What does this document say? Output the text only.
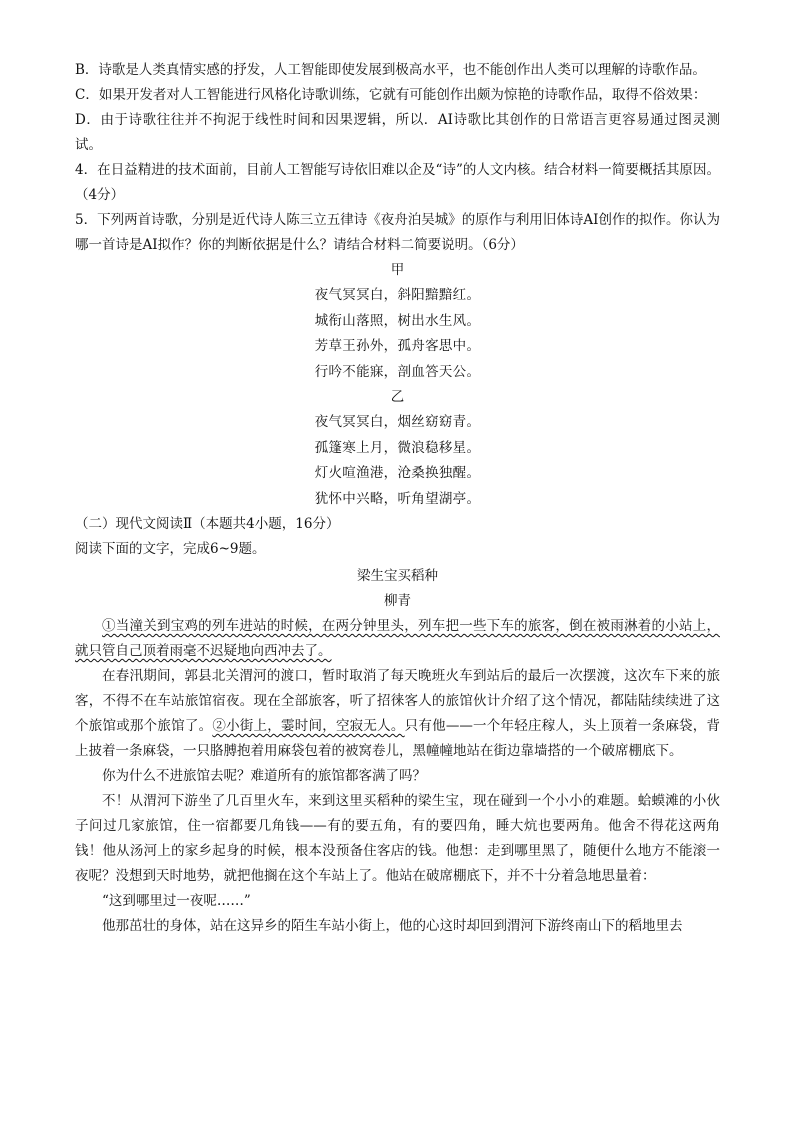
B．诗歌是人类真情实感的抒发，人工智能即使发展到极高水平，也不能创作出人类可以理解的诗歌作品。

C．如果开发者对人工智能进行风格化诗歌训练，它就有可能创作出颇为惊艳的诗歌作品，取得不俗效果：

D．由于诗歌往往并不拘泥于线性时间和因果逻辑，所以．AI诗歌比其创作的日常语言更容易通过图灵测试。

4．在日益精进的技术面前，目前人工智能写诗依旧难以企及“诗”的人文内核。结合材料一简要概括其原因。（4分）

5．下列两首诗歌，分别是近代诗人陈三立五律诗《夜舟泊吴城》的原作与利用旧体诗AI创作的拟作。你认为哪一首诗是AI拟作？你的判断依据是什么？请结合材料二简要说明。（6分）

甲

夜气冥冥白，斜阳黯黯红。

城衔山落照，树出水生风。

芳草王孙外，孤舟客思中。

行吟不能寐，剖血答天公。

乙

夜气冥冥白，烟丝窈窈青。

孤篷寒上月，微浪稳移星。

灯火喧渔港，沧桑换独醒。

犹怀中兴略，听角望湖亭。

（二）现代文阅读Ⅱ（本题共4小题，16分）

阅读下面的文字，完成6~9题。

梁生宝买稻种

柳青

①当潼关到宝鸡的列车进站的时候，在两分钟里头，列车把一些下车的旅客，倒在被雨淋着的小站上，就只管自己顶着雨毫不迟疑地向西冲去了。

在春汛期间，郭县北关渭河的渡口，暂时取消了每天晚班火车到站后的最后一次摆渡，这次车下来的旅客，不得不在车站旅馆宿夜。现在全部旅客，听了招徕客人的旅馆伙计介绍了这个情况，都陆陆续续进了这个旅馆或那个旅馆了。②小街上，霎时间，空寂无人。只有他——一个年轻庄稼人，头上顶着一条麻袋，背上披着一条麻袋，一只胳膊抱着用麻袋包着的被窝卷儿，黑幢幢地站在街边靠墙搭的一个破席棚底下。

你为什么不进旅馆去呢？难道所有的旅馆都客满了吗？

不！从渭河下游坐了几百里火车，来到这里买稻种的梁生宝，现在碰到一个小小的难题。蛤蟆滩的小伙子问过几家旅馆，住一宿都要几角钱——有的要五角，有的要四角，睡大炕也要两角。他舍不得花这两角钱！他从汤河上的家乡起身的时候，根本没预备住客店的钱。他想：走到哪里黑了，随便什么地方不能滚一夜呢？没想到天时地势，就把他搁在这个车站上了。他站在破席棚底下，并不十分着急地思量着：

“这到哪里过一夜呢……”

他那茁壮的身体，站在这异乡的陌生车站小街上，他的心这时却回到渭河下游终南山下的稻地里去
